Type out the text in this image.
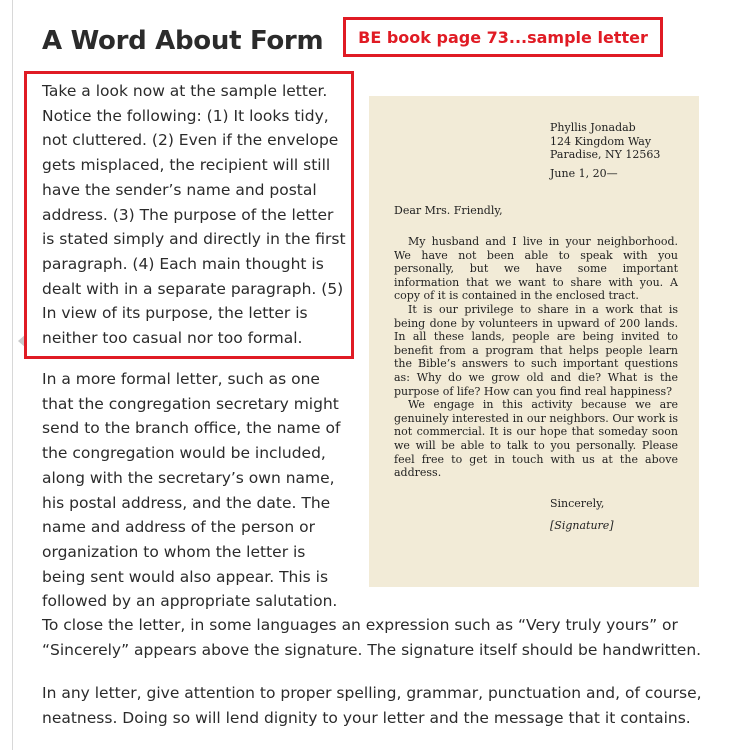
A Word About Form	BE book page 73...sample letter

Take a look now at the sample letter. Notice the following: (1) It looks tidy, not cluttered. (2) Even if the envelope gets misplaced, the recipient will still have the sender’s name and postal address. (3) The purpose of the letter is stated simply and directly in the first paragraph. (4) Each main thought is dealt with in a separate paragraph. (5) In view of its purpose, the letter is neither too casual nor too formal.

In a more formal letter, such as one that the congregation secretary might send to the branch office, the name of the congregation would be included, along with the secretary’s own name, his postal address, and the date. The name and address of the person or organization to whom the letter is being sent would also appear. This is followed by an appropriate salutation.

To close the letter, in some languages an expression such as “Very truly yours” or “Sincerely” appears above the signature. The signature itself should be handwritten.

In any letter, give attention to proper spelling, grammar, punctuation and, of course, neatness. Doing so will lend dignity to your letter and the message that it contains.

Phyllis Jonadab
124 Kingdom Way
Paradise, NY 12563
June 1, 20—
Dear Mrs. Friendly,

My husband and I live in your neighborhood. We have not been able to speak with you personally, but we have some important information that we want to share with you. A copy of it is contained in the enclosed tract.

It is our privilege to share in a work that is being done by volunteers in upward of 200 lands. In all these lands, people are being invited to benefit from a program that helps people learn the Bible’s answers to such important questions as: Why do we grow old and die? What is the purpose of life? How can you find real happiness?

We engage in this activity because we are genuinely interested in our neighbors. Our work is not commercial. It is our hope that someday soon we will be able to talk to you personally. Please feel free to get in touch with us at the above address.

Sincerely,
[Signature]
